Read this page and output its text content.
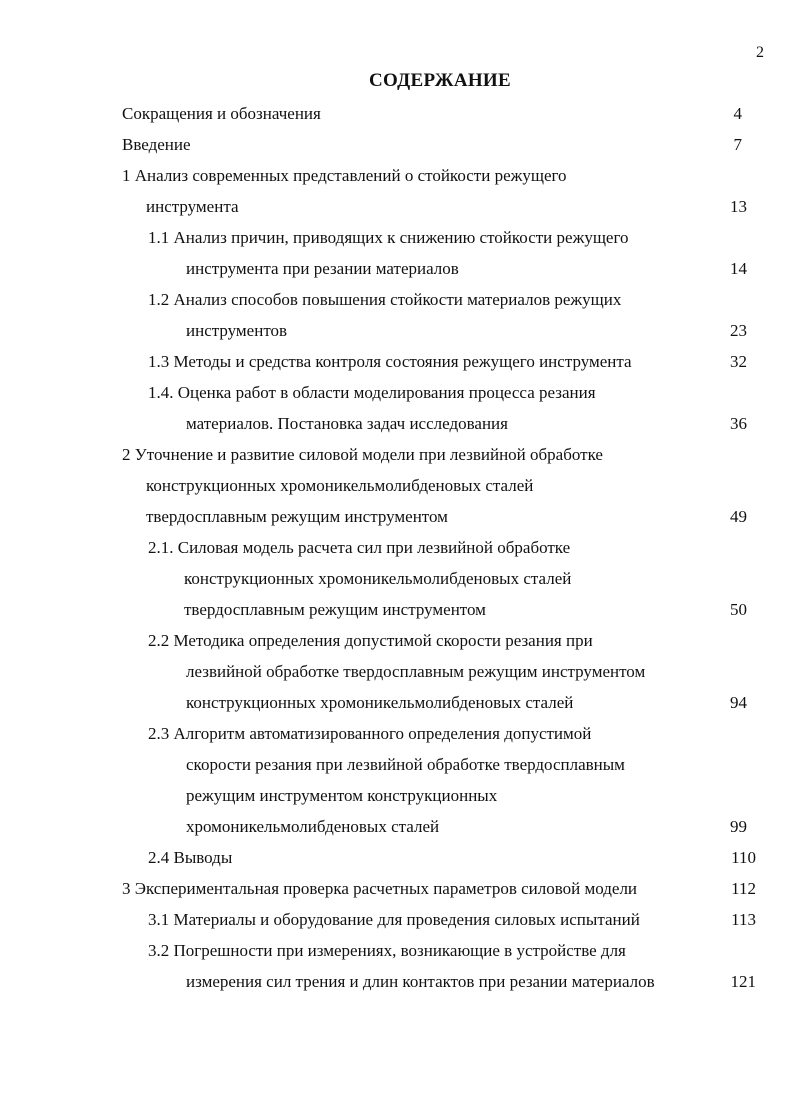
2
СОДЕРЖАНИЕ
Сокращения и обозначения	4
Введение	7
1 Анализ современных представлений о стойкости режущего
инструмента	13
1.1 Анализ причин, приводящих к снижению стойкости режущего
инструмента при резании материалов	14
1.2 Анализ способов повышения стойкости материалов режущих
инструментов	23
1.3 Методы и средства контроля состояния режущего инструмента	32
1.4. Оценка работ в области моделирования процесса резания
материалов. Постановка задач исследования	36
2 Уточнение и развитие силовой модели при лезвийной обработке
конструкционных хромоникельмолибденовых сталей
твердосплавным режущим инструментом	49
2.1. Силовая модель расчета сил при лезвийной обработке
конструкционных хромоникельмолибденовых сталей
твердосплавным режущим инструментом	50
2.2 Методика определения допустимой скорости резания при
лезвийной обработке твердосплавным режущим инструментом
конструкционных хромоникельмолибденовых сталей	94
2.3 Алгоритм автоматизированного определения допустимой
скорости резания при лезвийной обработке твердосплавным
режущим инструментом конструкционных
хромоникельмолибденовых сталей	99
2.4 Выводы	110
3 Экспериментальная проверка расчетных параметров силовой модели	112
3.1 Материалы и оборудование для проведения силовых испытаний	113
3.2 Погрешности при измерениях, возникающие в устройстве для
измерения сил трения и длин контактов при резании материалов	121
